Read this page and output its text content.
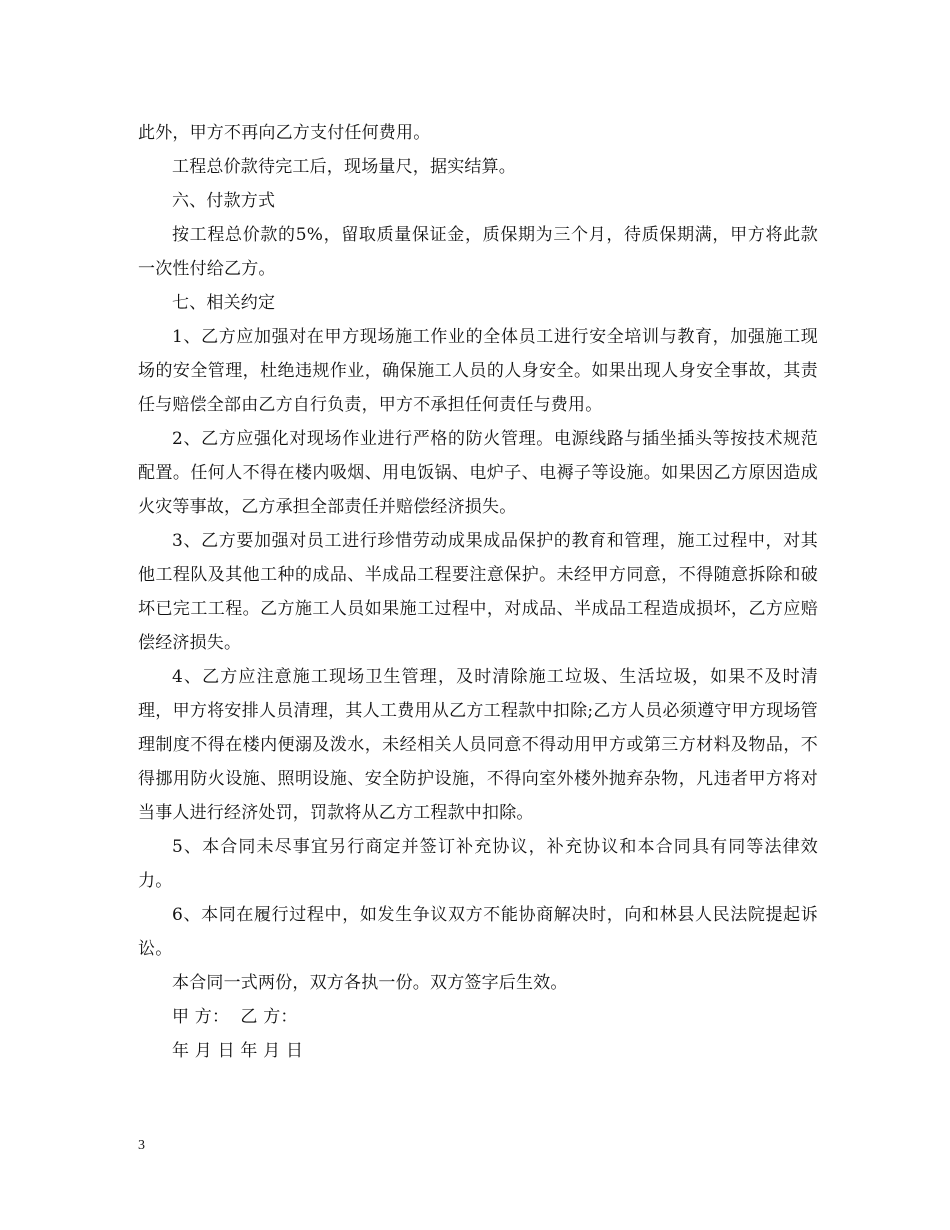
此外，甲方不再向乙方支付任何费用。

工程总价款待完工后，现场量尺，据实结算。

六、付款方式

按工程总价款的5%，留取质量保证金，质保期为三个月，待质保期满，甲方将此款一次性付给乙方。

七、相关约定

1、乙方应加强对在甲方现场施工作业的全体员工进行安全培训与教育，加强施工现场的安全管理，杜绝违规作业，确保施工人员的人身安全。如果出现人身安全事故，其责任与赔偿全部由乙方自行负责，甲方不承担任何责任与费用。

2、乙方应强化对现场作业进行严格的防火管理。电源线路与插坐插头等按技术规范配置。任何人不得在楼内吸烟、用电饭锅、电炉子、电褥子等设施。如果因乙方原因造成火灾等事故，乙方承担全部责任并赔偿经济损失。

3、乙方要加强对员工进行珍惜劳动成果成品保护的教育和管理，施工过程中，对其他工程队及其他工种的成品、半成品工程要注意保护。未经甲方同意，不得随意拆除和破坏已完工工程。乙方施工人员如果施工过程中，对成品、半成品工程造成损坏，乙方应赔偿经济损失。

4、乙方应注意施工现场卫生管理，及时清除施工垃圾、生活垃圾，如果不及时清理，甲方将安排人员清理，其人工费用从乙方工程款中扣除;乙方人员必须遵守甲方现场管理制度不得在楼内便溺及泼水，未经相关人员同意不得动用甲方或第三方材料及物品，不得挪用防火设施、照明设施、安全防护设施，不得向室外楼外抛弃杂物，凡违者甲方将对当事人进行经济处罚，罚款将从乙方工程款中扣除。

5、本合同未尽事宜另行商定并签订补充协议，补充协议和本合同具有同等法律效力。

6、本同在履行过程中，如发生争议双方不能协商解决时，向和林县人民法院提起诉讼。

本合同一式两份，双方各执一份。双方签字后生效。

甲 方：  乙 方：

年 月 日 年 月 日

3
